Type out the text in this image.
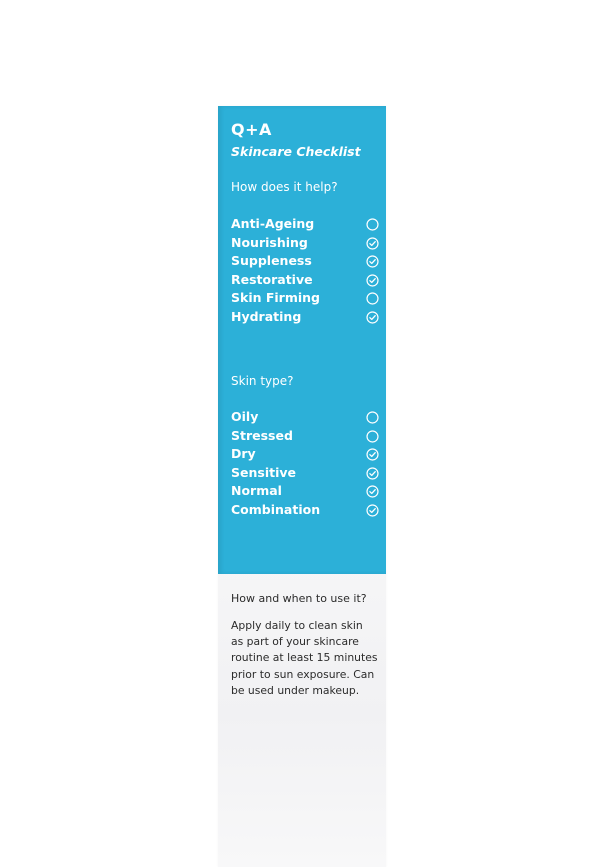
Q+A
Skincare Checklist
How does it help?
Anti-Ageing
Nourishing
Suppleness
Restorative
Skin Firming
Hydrating
Skin type?
Oily
Stressed
Dry
Sensitive
Normal
Combination
How and when to use it?
Apply daily to clean skin
as part of your skincare
routine at least 15 minutes
prior to sun exposure. Can
be used under makeup.
